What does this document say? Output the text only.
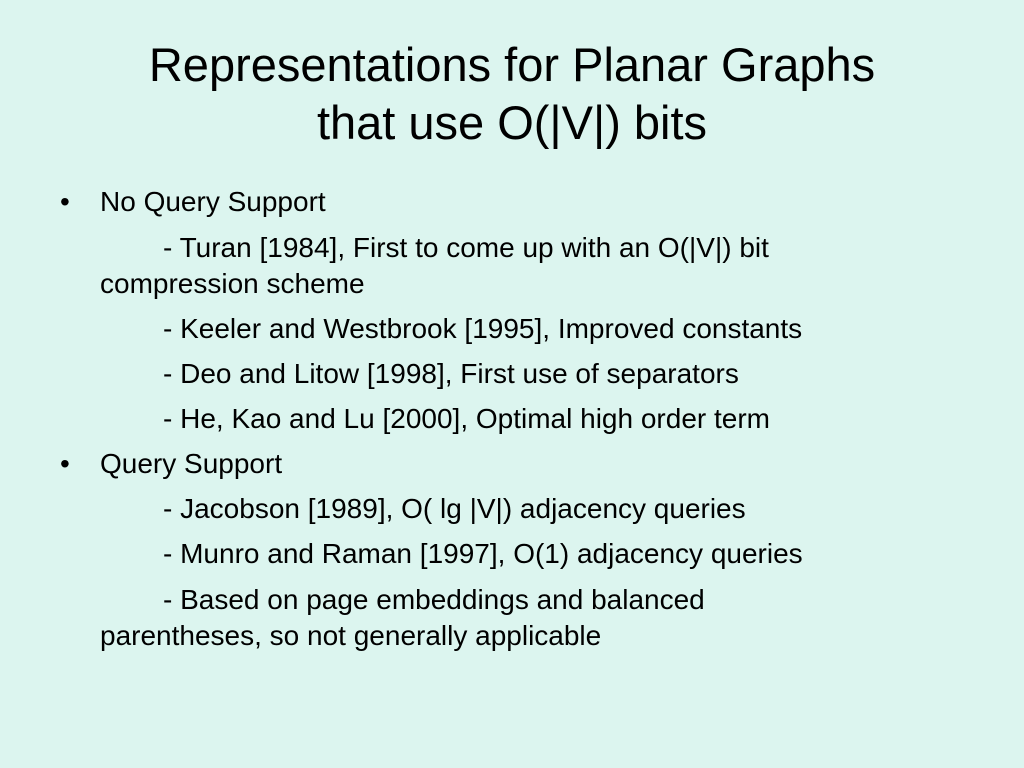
Representations for Planar Graphs
that use O(|V|) bits
• No Query Support
- Turan [1984], First to come up with an O(|V|) bit
compression scheme
- Keeler and Westbrook [1995], Improved constants
- Deo and Litow [1998], First use of separators
- He, Kao and Lu [2000], Optimal high order term
• Query Support
- Jacobson [1989], O( lg |V|) adjacency queries
- Munro and Raman [1997], O(1) adjacency queries
- Based on page embeddings and balanced
parentheses, so not generally applicable
